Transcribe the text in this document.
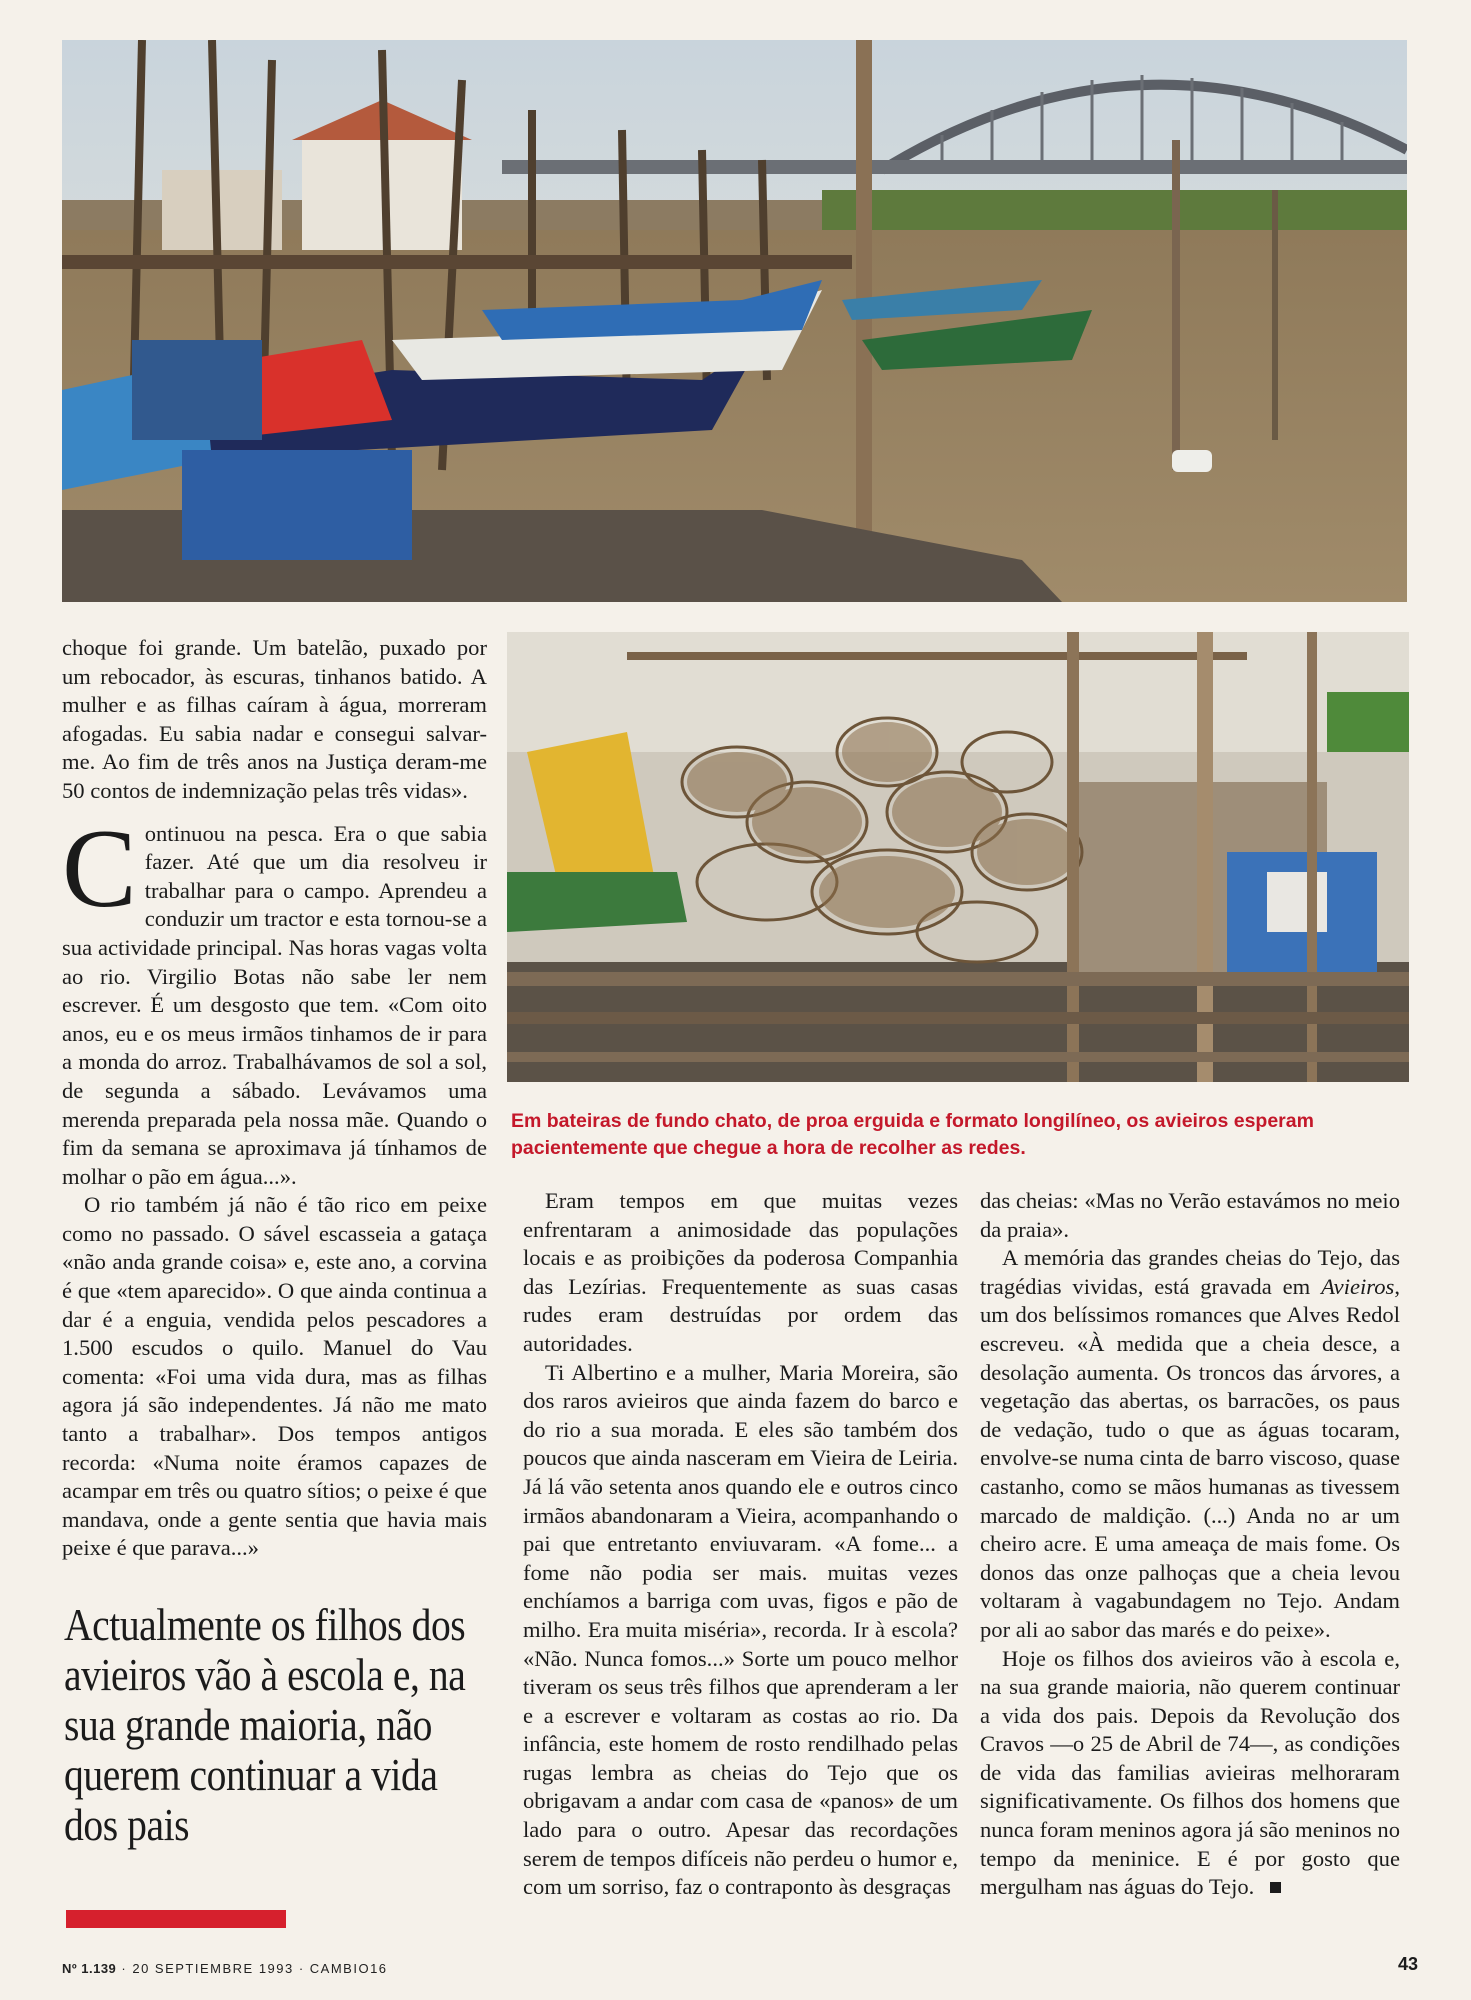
choque foi grande. Um batelão, puxado por um rebocador, às escuras, tinhanos batido. A mulher e as filhas caíram à água, morreram afogadas. Eu sabia nadar e consegui salvar-me. Ao fim de três anos na Justiça deram-me 50 contos de indemnização pelas três vidas».

Continuou na pesca. Era o que sabia fazer. Até que um dia resolveu ir trabalhar para o campo. Aprendeu a conduzir um tractor e esta tornou-se a sua actividade principal. Nas horas vagas volta ao rio. Virgilio Botas não sabe ler nem escrever. É um desgosto que tem. «Com oito anos, eu e os meus irmãos tinhamos de ir para a monda do arroz. Trabalhávamos de sol a sol, de segunda a sábado. Levávamos uma merenda preparada pela nossa mãe. Quando o fim da semana se aproximava já tínhamos de molhar o pão em água...».

O rio também já não é tão rico em peixe como no passado. O sável escasseia a gataça «não anda grande coisa» e, este ano, a corvina é que «tem aparecido». O que ainda continua a dar é a enguia, vendida pelos pescadores a 1.500 escudos o quilo. Manuel do Vau comenta: «Foi uma vida dura, mas as filhas agora já são independentes. Já não me mato tanto a trabalhar». Dos tempos antigos recorda: «Numa noite éramos capazes de acampar em três ou quatro sítios; o peixe é que mandava, onde a gente sentia que havia mais peixe é que parava...»

Actualmente os filhos dos avieiros vão à escola e, na sua grande maioria, não querem continuar a vida dos pais
Em bateiras de fundo chato, de proa erguida e formato longilíneo, os avieiros esperam pacientemente que chegue a hora de recolher as redes.

Eram tempos em que muitas vezes enfrentaram a animosidade das populações locais e as proibições da poderosa Companhia das Lezírias. Frequentemente as suas casas rudes eram destruídas por ordem das autoridades.

Ti Albertino e a mulher, Maria Moreira, são dos raros avieiros que ainda fazem do barco e do rio a sua morada. E eles são também dos poucos que ainda nasceram em Vieira de Leiria. Já lá vão setenta anos quando ele e outros cinco irmãos abandonaram a Vieira, acompanhando o pai que entretanto enviuvaram. «A fome... a fome não podia ser mais. muitas vezes enchíamos a barriga com uvas, figos e pão de milho. Era muita miséria», recorda. Ir à escola? «Não. Nunca fomos...» Sorte um pouco melhor tiveram os seus três filhos que aprenderam a ler e a escrever e voltaram as costas ao rio. Da infância, este homem de rosto rendilhado pelas rugas lembra as cheias do Tejo que os obrigavam a andar com casa de «panos» de um lado para o outro. Apesar das recordações serem de tempos difíceis não perdeu o humor e, com um sorriso, faz o contraponto às desgraças

das cheias: «Mas no Verão estavámos no meio da praia».

A memória das grandes cheias do Tejo, das tragédias vividas, está gravada em Avieiros, um dos belíssimos romances que Alves Redol escreveu. «À medida que a cheia desce, a desolação aumenta. Os troncos das árvores, a vegetação das abertas, os barracões, os paus de vedação, tudo o que as águas tocaram, envolve-se numa cinta de barro viscoso, quase castanho, como se mãos humanas as tivessem marcado de maldição. (...) Anda no ar um cheiro acre. E uma ameaça de mais fome. Os donos das onze palhoças que a cheia levou voltaram à vagabundagem no Tejo. Andam por ali ao sabor das marés e do peixe».

Hoje os filhos dos avieiros vão à escola e, na sua grande maioria, não querem continuar a vida dos pais. Depois da Revolução dos Cravos —o 25 de Abril de 74—, as condições de vida das familias avieiras melhoraram significativamente. Os filhos dos homens que nunca foram meninos agora já são meninos no tempo da meninice. E é por gosto que mergulham nas águas do Tejo.

Nº 1.139 · 20 SEPTIEMBRE 1993 · CAMBIO16	43
